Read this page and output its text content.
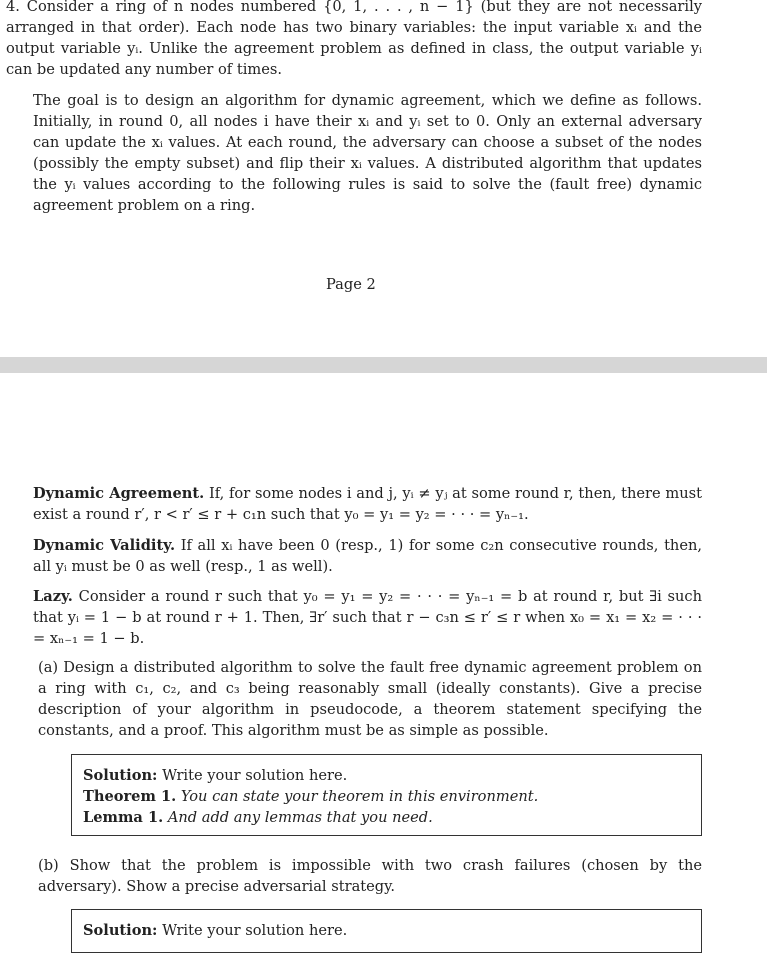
4. Consider a ring of n nodes numbered {0, 1, . . . , n − 1} (but they are not necessarily arranged in that order). Each node has two binary variables: the input variable xᵢ and the output variable yᵢ. Unlike the agreement problem as defined in class, the output variable yᵢ can be updated any number of times.

The goal is to design an algorithm for dynamic agreement, which we define as follows. Initially, in round 0, all nodes i have their xᵢ and yᵢ set to 0. Only an external adversary can update the xᵢ values. At each round, the adversary can choose a subset of the nodes (possibly the empty subset) and flip their xᵢ values. A distributed algorithm that updates the yᵢ values according to the following rules is said to solve the (fault free) dynamic agreement problem on a ring.

Page 2

Dynamic Agreement. If, for some nodes i and j, yᵢ ≠ yⱼ at some round r, then, there must exist a round r′, r < r′ ≤ r + c₁n such that y₀ = y₁ = y₂ = · · · = yₙ₋₁.

Dynamic Validity. If all xᵢ have been 0 (resp., 1) for some c₂n consecutive rounds, then, all yᵢ must be 0 as well (resp., 1 as well).

Lazy. Consider a round r such that y₀ = y₁ = y₂ = · · · = yₙ₋₁ = b at round r, but ∃i such that yᵢ = 1 − b at round r + 1. Then, ∃r′ such that r − c₃n ≤ r′ ≤ r when x₀ = x₁ = x₂ = · · · = xₙ₋₁ = 1 − b.

(a) Design a distributed algorithm to solve the fault free dynamic agreement problem on a ring with c₁, c₂, and c₃ being reasonably small (ideally constants). Give a precise description of your algorithm in pseudocode, a theorem statement specifying the constants, and a proof. This algorithm must be as simple as possible.

Solution: Write your solution here.

Theorem 1. You can state your theorem in this environment.

Lemma 1. And add any lemmas that you need.

(b) Show that the problem is impossible with two crash failures (chosen by the adversary). Show a precise adversarial strategy.

Solution: Write your solution here.
